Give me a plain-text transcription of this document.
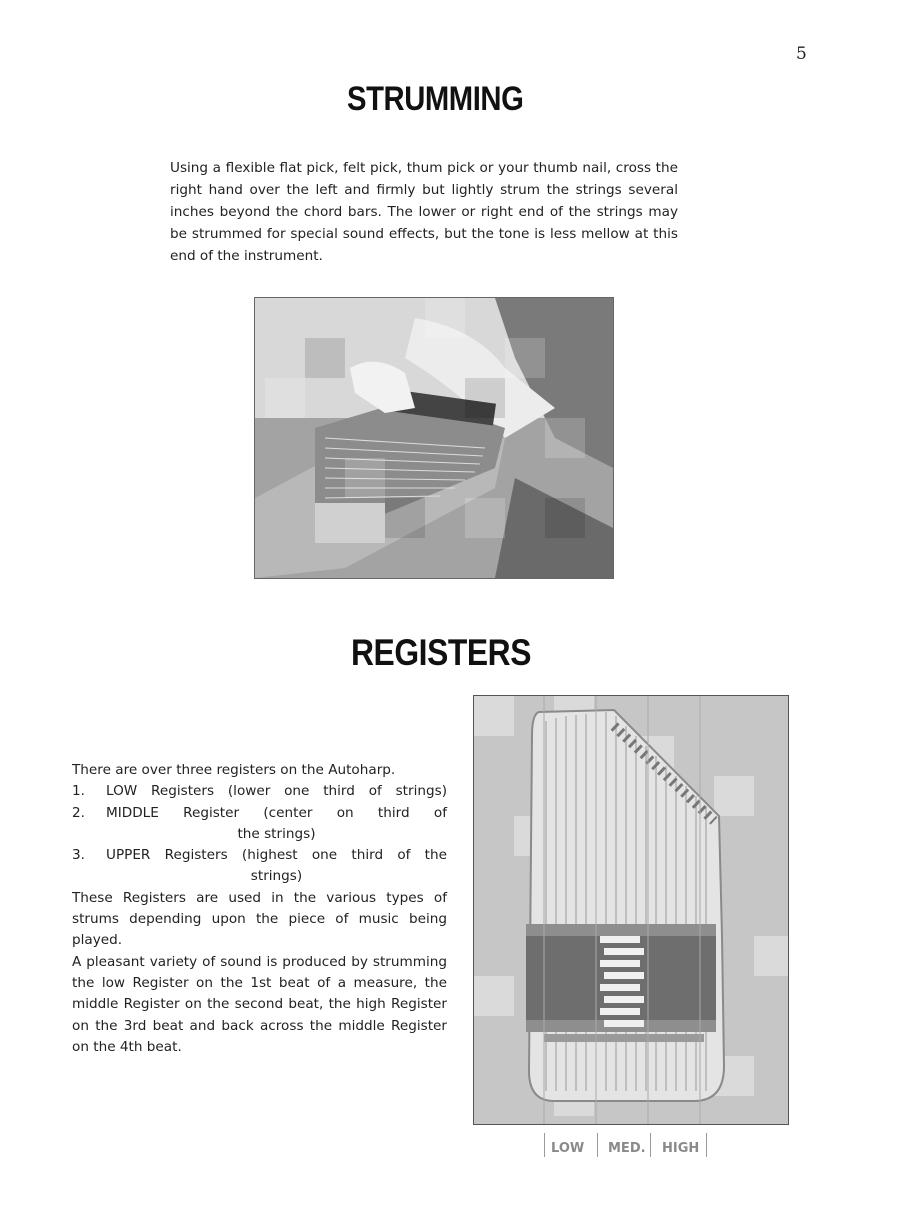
5
STRUMMING

Using a flexible flat pick, felt pick, thum pick or your thumb nail, cross the right hand over the left and firmly but lightly strum the strings several inches beyond the chord bars. The lower or right end of the strings may be strummed for special sound effects, but the tone is less mellow at this end of the instrument.

REGISTERS

There are over three registers on the Autoharp.

1.	LOW Registers (lower one third of strings)
2.	MIDDLE Register (center on third of
the strings)
3.	UPPER Registers (highest one third of the
strings)

These Registers are used in the various types of strums depending upon the piece of music being played.

A pleasant variety of sound is produced by strumming the low Register on the 1st beat of a measure, the middle Register on the second beat, the high Register on the 3rd beat and back across the middle Register on the 4th beat.

LOW MED. HIGH
